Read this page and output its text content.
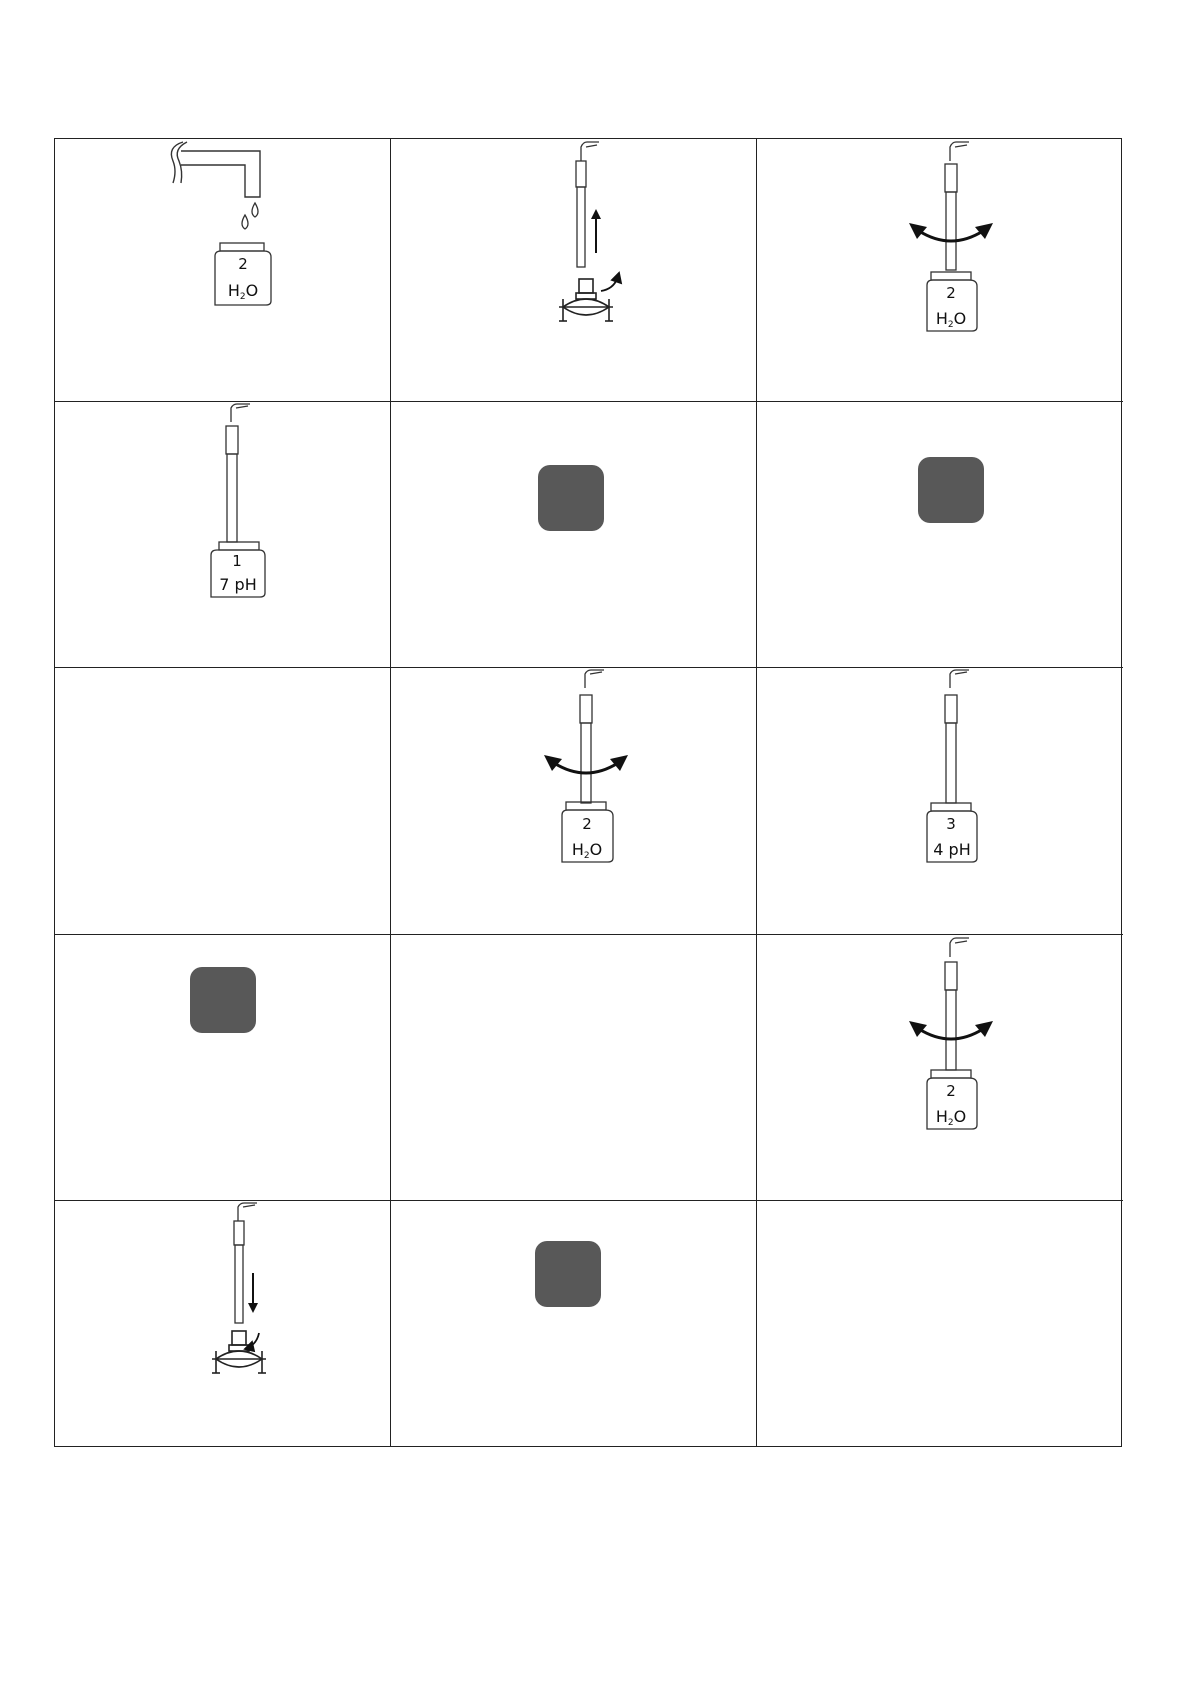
2
H2O	2
H2O
1
7 pH
2
H2O
3
4 pH
2
H2O
